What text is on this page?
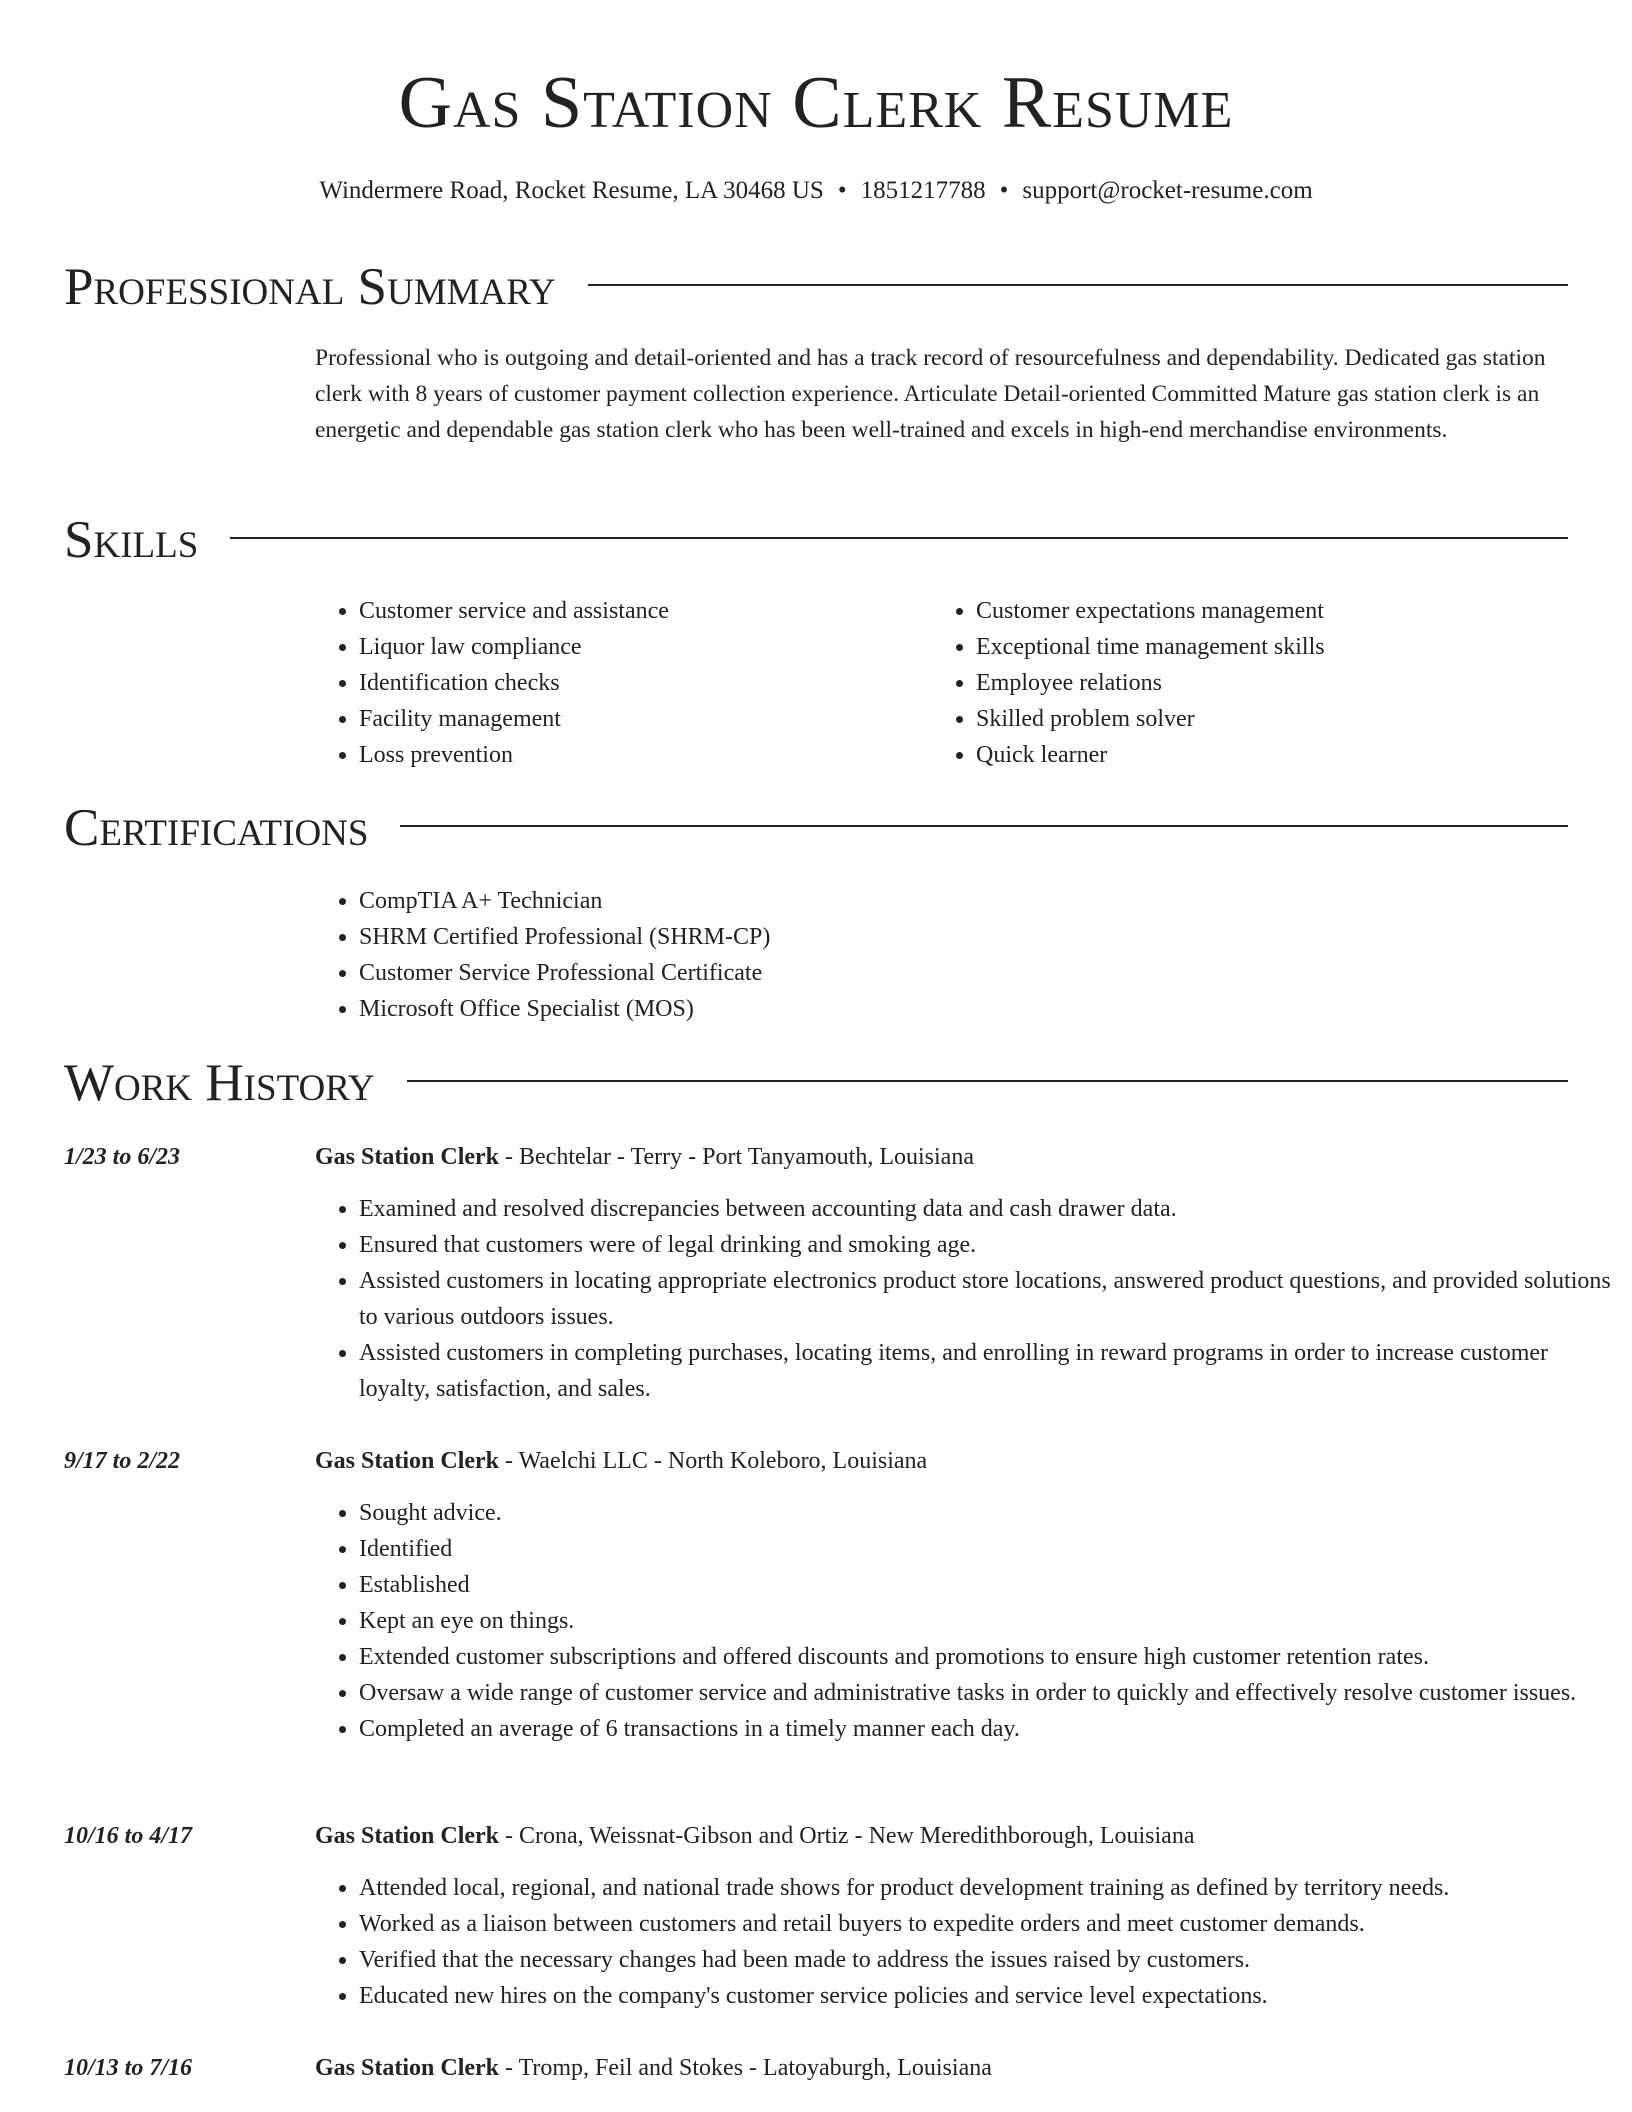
Gas Station Clerk Resume
Windermere Road, Rocket Resume, LA 30468 US • 1851217788 • support@rocket-resume.com
Professional Summary

Professional who is outgoing and detail-oriented and has a track record of resourcefulness and dependability. Dedicated gas station clerk with 8 years of customer payment collection experience. Articulate Detail-oriented Committed Mature gas station clerk is an energetic and dependable gas station clerk who has been well-trained and excels in high-end merchandise environments.

Skills
• Customer service and assistance
• Liquor law compliance
• Identification checks
• Facility management
• Loss prevention
• Customer expectations management
• Exceptional time management skills
• Employee relations
• Skilled problem solver
• Quick learner
Certifications
• CompTIA A+ Technician
• SHRM Certified Professional (SHRM-CP)
• Customer Service Professional Certificate
• Microsoft Office Specialist (MOS)
Work History
1/23 to 6/23	Gas Station Clerk - Bechtelar - Terry - Port Tanyamouth, Louisiana
• Examined and resolved discrepancies between accounting data and cash drawer data.
• Ensured that customers were of legal drinking and smoking age.
• Assisted customers in locating appropriate electronics product store locations, answered product questions, and provided solutions to various outdoors issues.
• Assisted customers in completing purchases, locating items, and enrolling in reward programs in order to increase customer loyalty, satisfaction, and sales.
9/17 to 2/22	Gas Station Clerk - Waelchi LLC - North Koleboro, Louisiana
• Sought advice.
• Identified
• Established
• Kept an eye on things.
• Extended customer subscriptions and offered discounts and promotions to ensure high customer retention rates.
• Oversaw a wide range of customer service and administrative tasks in order to quickly and effectively resolve customer issues.
• Completed an average of 6 transactions in a timely manner each day.
10/16 to 4/17	Gas Station Clerk - Crona, Weissnat-Gibson and Ortiz - New Meredithborough, Louisiana
• Attended local, regional, and national trade shows for product development training as defined by territory needs.
• Worked as a liaison between customers and retail buyers to expedite orders and meet customer demands.
• Verified that the necessary changes had been made to address the issues raised by customers.
• Educated new hires on the company's customer service policies and service level expectations.
10/13 to 7/16	Gas Station Clerk - Tromp, Feil and Stokes - Latoyaburgh, Louisiana
